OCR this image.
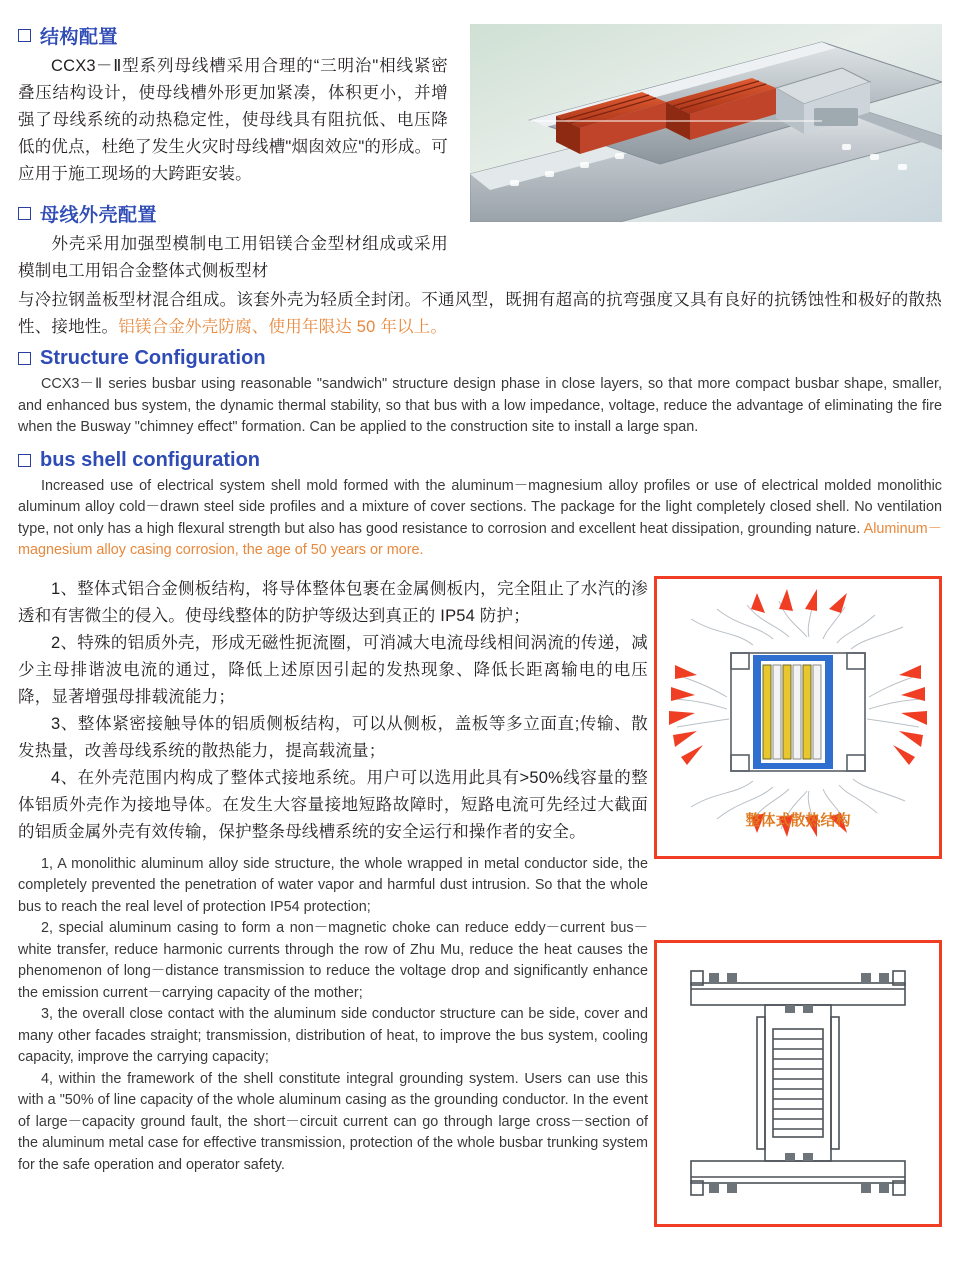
结构配置
CCX3－Ⅱ型系列母线槽采用合理的“三明治"相线紧密叠压结构设计，使母线槽外形更加紧凑，体积更小，并增强了母线系统的动热稳定性，使母线具有阻抗低、电压降低的优点，杜绝了发生火灾时母线槽"烟囱效应"的形成。可应用于施工现场的大跨距安装。
母线外壳配置
外壳采用加强型模制电工用铝镁合金型材组成或采用模制电工用铝合金整体式侧板型材
与冷拉钢盖板型材混合组成。该套外壳为轻质全封闭。不通风型，既拥有超高的抗弯强度又具有良好的抗锈蚀性和极好的散热性、接地性。铝镁合金外壳防腐、使用年限达 50 年以上。
Structure Configuration
CCX3－Ⅱ series busbar using reasonable "sandwich" structure design phase in close layers, so that more compact busbar shape, smaller, and enhanced bus system, the dynamic thermal stability, so that bus with a low impedance, voltage, reduce the advantage of eliminating the fire when the Busway "chimney effect" formation. Can be applied to the construction site to install a large span.
bus shell configuration
Increased use of electrical system shell mold formed with the aluminum－magnesium alloy profiles or use of electrical molded monolithic aluminum alloy cold－drawn steel side profiles and a mixture of cover sections. The package for the light completely closed shell. No ventilation type, not only has a high flexural strength but also has good resistance to corrosion and excellent heat dissipation, grounding nature. Aluminum－magnesium alloy casing corrosion, the age of 50 years or more.
整体式散热结构
1、整体式铝合金侧板结构，将导体整体包裹在金属侧板内，完全阻止了水汽的渗透和有害微尘的侵入。使母线整体的防护等级达到真正的 IP54 防护；
2、特殊的铝质外壳，形成无磁性扼流圈，可消减大电流母线相间涡流的传递，减少主母排谐波电流的通过，降低上述原因引起的发热现象、降低长距离输电的电压降，显著增强母排载流能力；
3、整体紧密接触导体的铝质侧板结构，可以从侧板，盖板等多立面直;传输、散发热量，改善母线系统的散热能力，提高载流量；
4、在外壳范围内构成了整体式接地系统。用户可以选用此具有>50%线容量的整体铝质外壳作为接地导体。在发生大容量接地短路故障时，短路电流可先经过大截面的铝质金属外壳有效传输，保护整条母线槽系统的安全运行和操作者的安全。
1, A monolithic aluminum alloy side structure, the whole wrapped in metal conductor side, the completely prevented the penetration of water vapor and harmful dust intrusion. So that the whole bus to reach the real level of protection IP54 protection;
2, special aluminum casing to form a non－magnetic choke can reduce eddy－current bus－white transfer, reduce harmonic currents through the row of Zhu Mu, reduce the heat causes the phenomenon of long－distance transmission to reduce the voltage drop and significantly enhance the emission current－carrying capacity of the mother;
3, the overall close contact with the aluminum side conductor structure can be side, cover and many other facades straight; transmission, distribution of heat, to improve the bus system, cooling capacity, improve the carrying capacity;
4, within the framework of the shell constitute integral grounding system. Users can use this with a "50% of line capacity of the whole aluminum casing as the grounding conductor. In the event of large－capacity ground fault, the short－circuit current can go through large cross－section of the aluminum metal case for effective transmission, protection of the whole busbar trunking system for the safe operation and operator safety.
